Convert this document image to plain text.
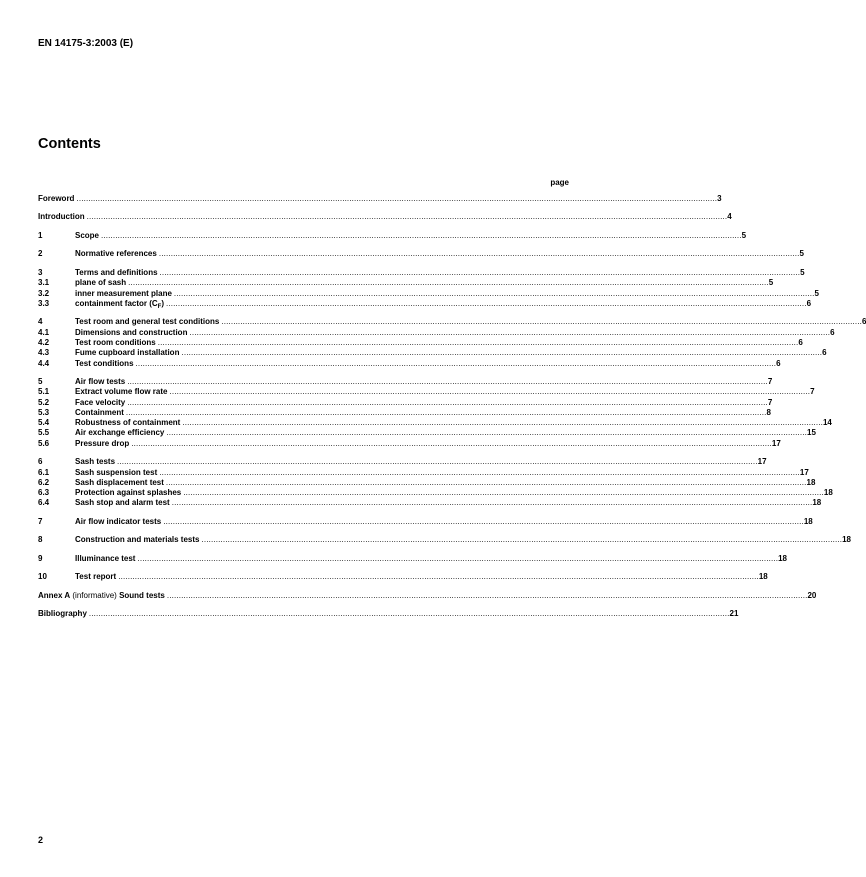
EN 14175-3:2003 (E)
Contents
page
Foreword .............................................................................................................................................................................................................................................................................. 3
Introduction .............................................................................................................................................................................................................................................................................. 4
1	Scope .............................................................................................................................................................................................................................................................................. 5
2	Normative references .............................................................................................................................................................................................................................................................................. 5
3	Terms and definitions .............................................................................................................................................................................................................................................................................. 5
3.1	plane of sash .............................................................................................................................................................................................................................................................................. 5
3.2	inner measurement plane .............................................................................................................................................................................................................................................................................. 5
3.3	containment factor $(C_F)$ .............................................................................................................................................................................................................................................................................. 6
4	Test room and general test conditions .............................................................................................................................................................................................................................................................................. 6
4.1	Dimensions and construction .............................................................................................................................................................................................................................................................................. 6
4.2	Test room conditions .............................................................................................................................................................................................................................................................................. 6
4.3	Fume cupboard installation .............................................................................................................................................................................................................................................................................. 6
4.4	Test conditions .............................................................................................................................................................................................................................................................................. 6
5	Air flow tests .............................................................................................................................................................................................................................................................................. 7
5.1	Extract volume flow rate .............................................................................................................................................................................................................................................................................. 7
5.2	Face velocity .............................................................................................................................................................................................................................................................................. 7
5.3	Containment .............................................................................................................................................................................................................................................................................. 8
5.4	Robustness of containment .............................................................................................................................................................................................................................................................................. 14
5.5	Air exchange efficiency .............................................................................................................................................................................................................................................................................. 15
5.6	Pressure drop .............................................................................................................................................................................................................................................................................. 17
6	Sash tests .............................................................................................................................................................................................................................................................................. 17
6.1	Sash suspension test .............................................................................................................................................................................................................................................................................. 17
6.2	Sash displacement test .............................................................................................................................................................................................................................................................................. 18
6.3	Protection against splashes .............................................................................................................................................................................................................................................................................. 18
6.4	Sash stop and alarm test .............................................................................................................................................................................................................................................................................. 18
7	Air flow indicator tests .............................................................................................................................................................................................................................................................................. 18
8	Construction and materials tests .............................................................................................................................................................................................................................................................................. 18
9	Illuminance test .............................................................................................................................................................................................................................................................................. 18
10	Test report .............................................................................................................................................................................................................................................................................. 18
Annex A (informative) Sound tests .............................................................................................................................................................................................................................................................................. 20
Bibliography .............................................................................................................................................................................................................................................................................. 21
2
